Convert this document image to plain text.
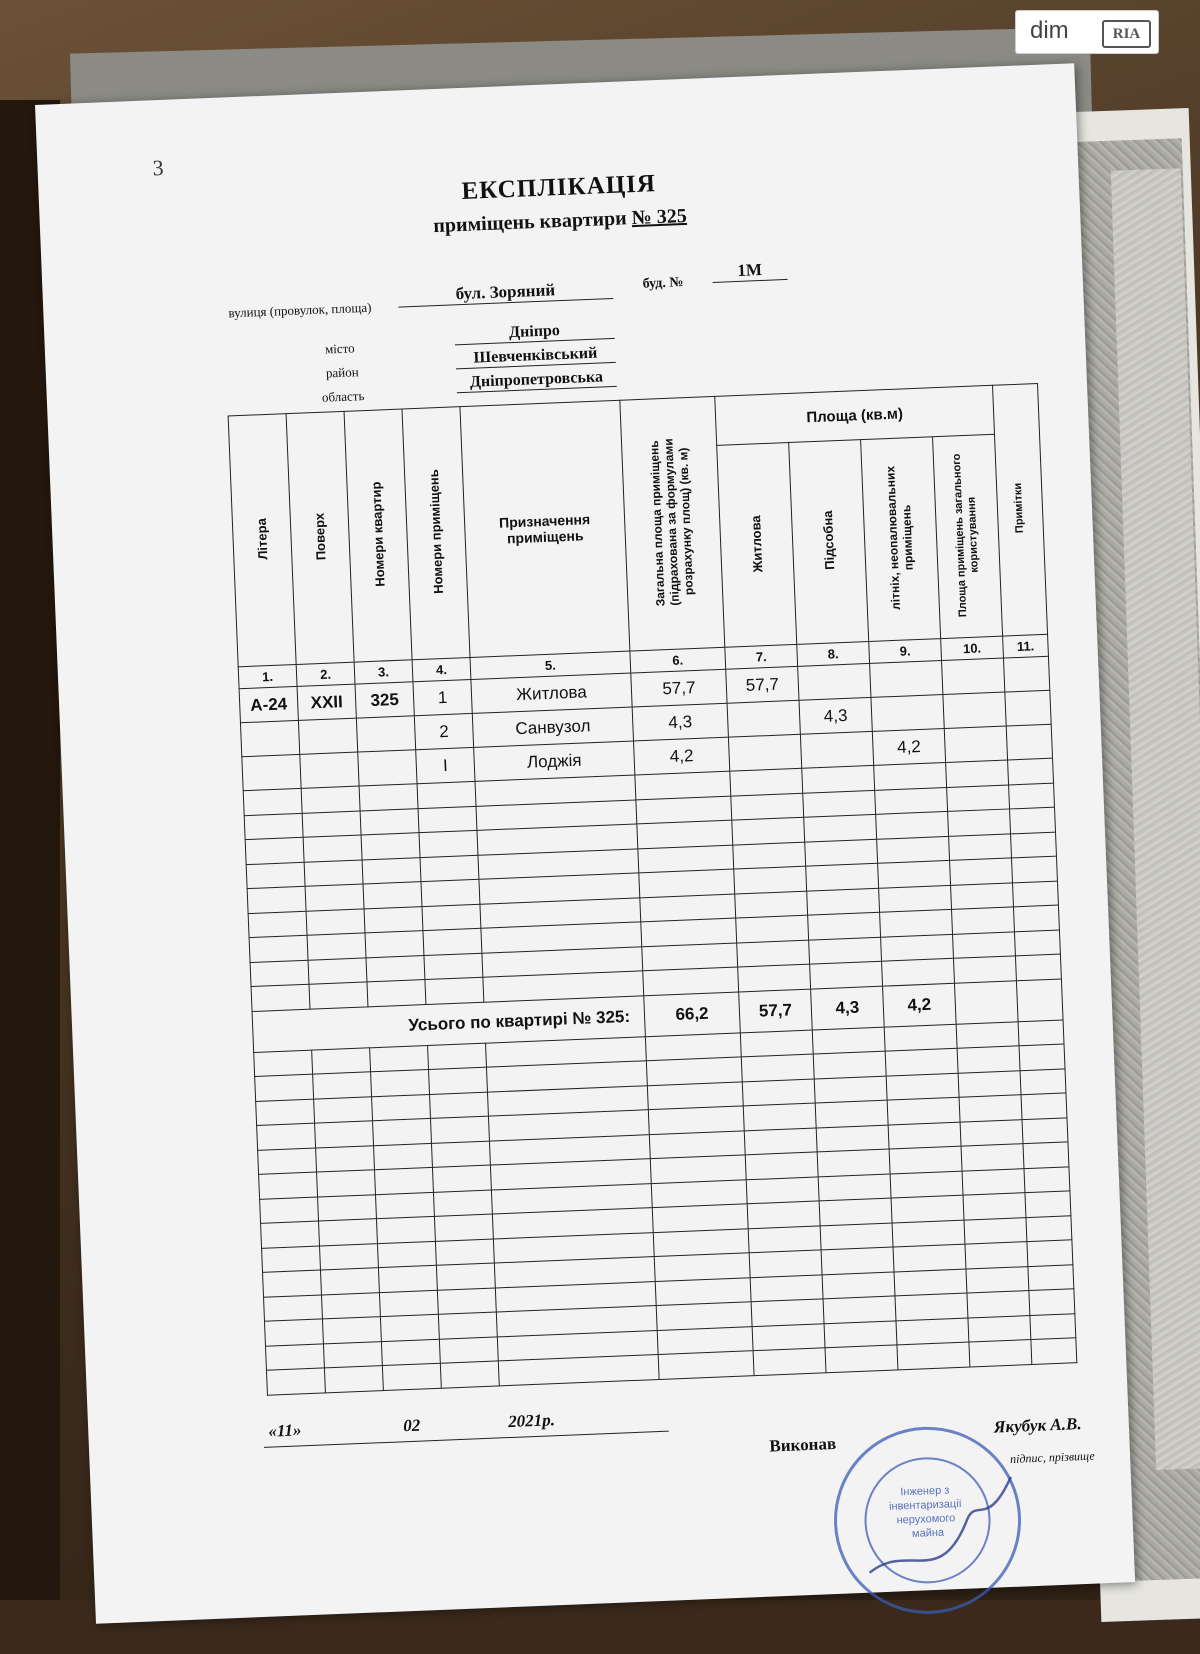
3
ЕКСПЛІКАЦІЯ
приміщень квартири № 325
вулиця (провулок, площа)
бул. Зоряний	буд. №
1М
місто
Дніпро
район
Шевченківський
область
Дніпропетровська
Літера	Поверх	Номери квартир	Номери приміщень	Призначення приміщень	Загальна площа приміщень (підрахована за формулами розрахунку площ) (кв. м)	Площа (кв.м)				Примітки
						Житлова	Підсобна	літніх, неопалювальних приміщень	Площа приміщень загального користування	
1.	2.	3.	4.	5.	6.	7.	8.	9.	10.	11.
А-24	XXII	325	1	Житлова	57,7	57,7				
			2	Санвузол	4,3		4,3			
			I	Лоджія	4,2			4,2		

Усього по квартирі № 325:					66,2	57,7	4,3	4,2		

«11»	02	2021р.
Виконав
Якубук А.В.
підпис, прізвище
Інженер з інвентаризації нерухомого майна
dim	RIA
